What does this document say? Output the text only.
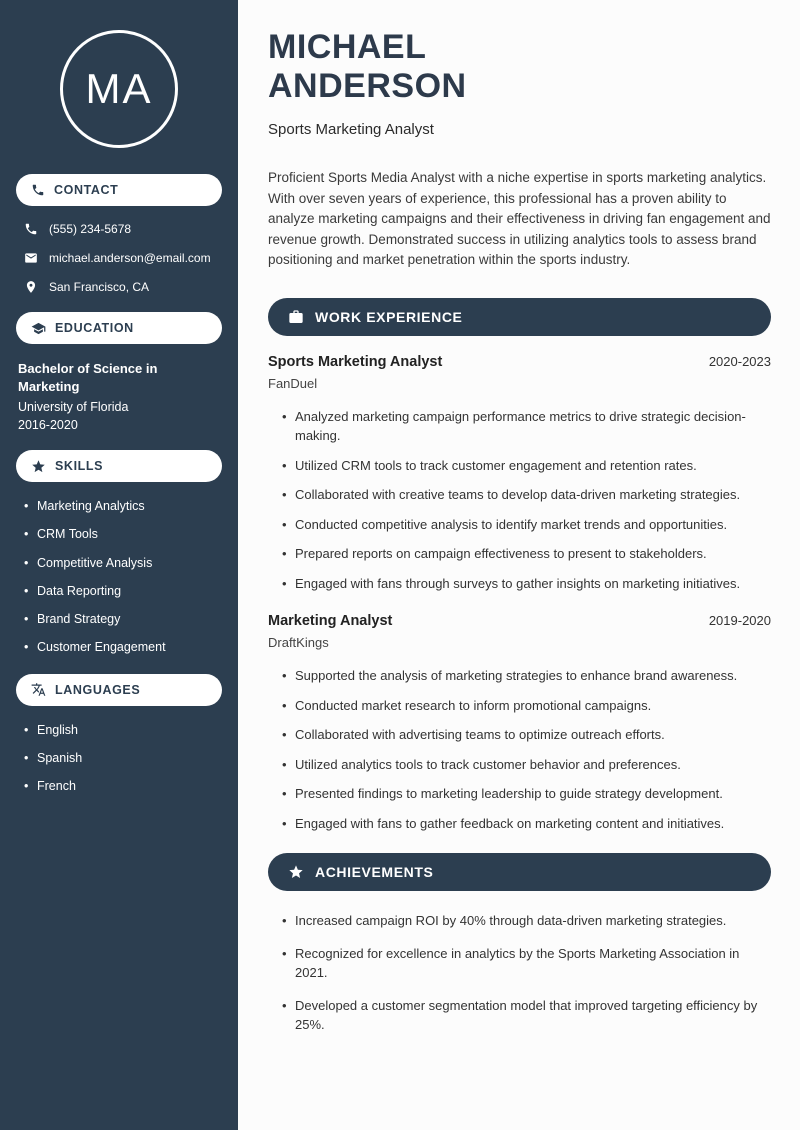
MA
CONTACT
(555) 234-5678
michael.anderson@email.com
San Francisco, CA
EDUCATION
Bachelor of Science in Marketing
University of Florida
2016-2020
SKILLS
• Marketing Analytics
• CRM Tools
• Competitive Analysis
• Data Reporting
• Brand Strategy
• Customer Engagement
LANGUAGES
• English
• Spanish
• French
MICHAEL
ANDERSON
Sports Marketing Analyst

Proficient Sports Media Analyst with a niche expertise in sports marketing analytics. With over seven years of experience, this professional has a proven ability to analyze marketing campaigns and their effectiveness in driving fan engagement and revenue growth. Demonstrated success in utilizing analytics tools to assess brand positioning and market penetration within the sports industry.

WORK EXPERIENCE
Sports Marketing Analyst	2020-2023
FanDuel
• Analyzed marketing campaign performance metrics to drive strategic decision-making.
• Utilized CRM tools to track customer engagement and retention rates.
• Collaborated with creative teams to develop data-driven marketing strategies.
• Conducted competitive analysis to identify market trends and opportunities.
• Prepared reports on campaign effectiveness to present to stakeholders.
• Engaged with fans through surveys to gather insights on marketing initiatives.
Marketing Analyst	2019-2020
DraftKings
• Supported the analysis of marketing strategies to enhance brand awareness.
• Conducted market research to inform promotional campaigns.
• Collaborated with advertising teams to optimize outreach efforts.
• Utilized analytics tools to track customer behavior and preferences.
• Presented findings to marketing leadership to guide strategy development.
• Engaged with fans to gather feedback on marketing content and initiatives.
ACHIEVEMENTS
• Increased campaign ROI by 40% through data-driven marketing strategies.
• Recognized for excellence in analytics by the Sports Marketing Association in 2021.
• Developed a customer segmentation model that improved targeting efficiency by 25%.
